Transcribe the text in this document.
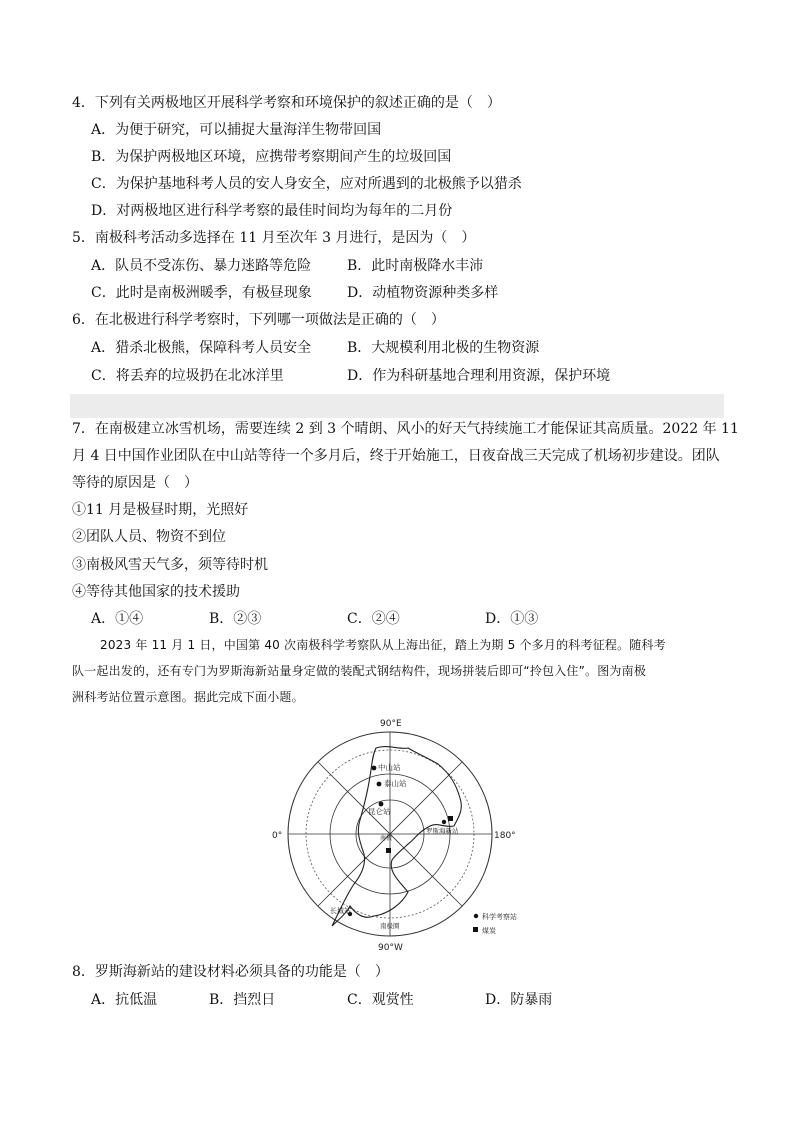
4．下列有关两极地区开展科学考察和环境保护的叙述正确的是（　）
A．为便于研究，可以捕捉大量海洋生物带回国
B．为保护两极地区环境，应携带考察期间产生的垃圾回国
C．为保护基地科考人员的安人身安全，应对所遇到的北极熊予以猎杀
D．对两极地区进行科学考察的最佳时间均为每年的二月份
5．南极科考活动多选择在 11 月至次年 3 月进行，是因为（　）
A．队员不受冻伤、暴力迷路等危险	B．此时南极降水丰沛
C．此时是南极洲暖季，有极昼现象	D．动植物资源种类多样
6．在北极进行科学考察时，下列哪一项做法是正确的（　）
A．猎杀北极熊，保障科考人员安全	B．大规模利用北极的生物资源
C．将丢弃的垃圾扔在北冰洋里	D．作为科研基地合理利用资源，保护环境
7．在南极建立冰雪机场，需要连续 2 到 3 个晴朗、风小的好天气持续施工才能保证其高质量。2022 年 11
月 4 日中国作业团队在中山站等待一个多月后，终于开始施工，日夜奋战三天完成了机场初步建设。团队
等待的原因是（　）
①11 月是极昼时期，光照好
②团队人员、物资不到位
③南极风雪天气多，须等待时机
④等待其他国家的技术援助
A．①④	B．②③	C．②④	D．①③
2023 年 11 月 1 日，中国第 40 次南极科学考察队从上海出征，踏上为期 5 个多月的科考征程。随科考
队一起出发的，还有专门为罗斯海新站量身定做的装配式钢结构件，现场拼装后即可“拎包入住”。图为南极
洲科考站位置示意图。据此完成下面小题。
90°E
0°	180°
90°W
中山站
泰山站
昆仑站
罗斯海新站
南极
长城站
南极圈
科学考察站
煤炭
8．罗斯海新站的建设材料必须具备的功能是（　）
A．抗低温	B．挡烈日	C．观赏性	D．防暴雨
